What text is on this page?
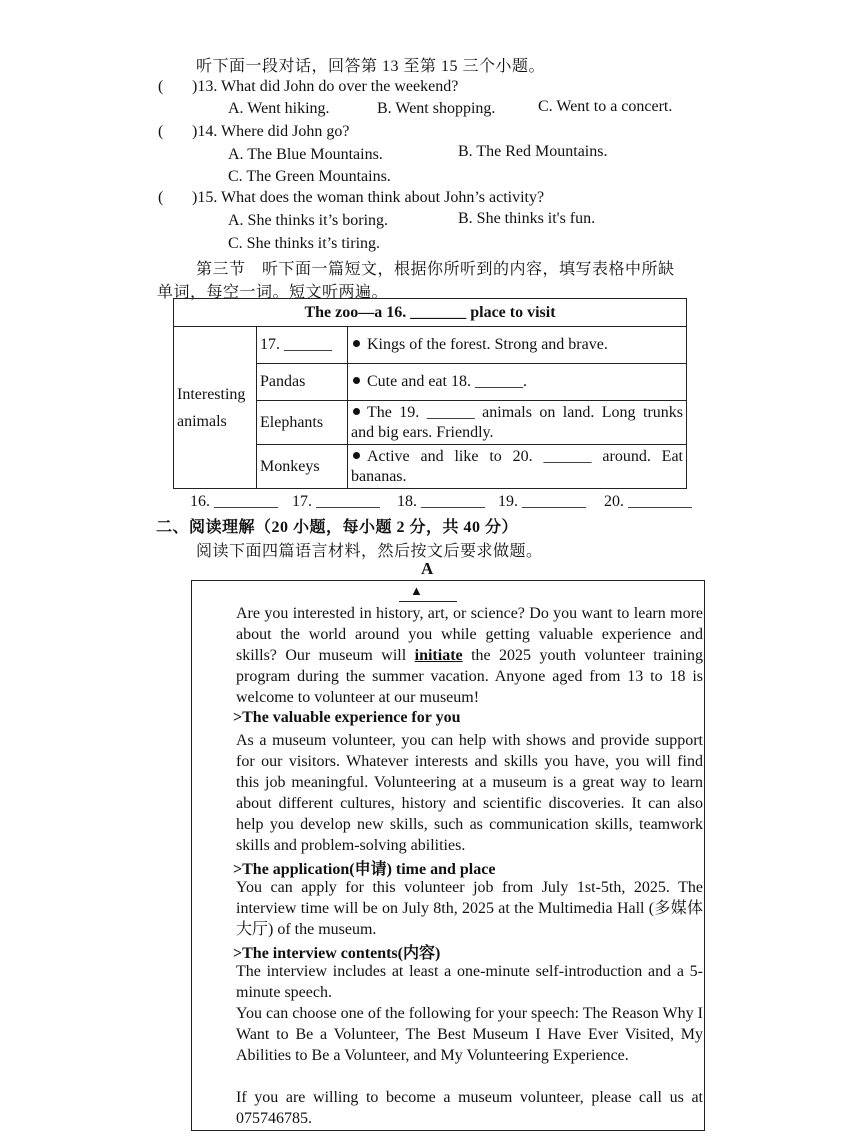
听下面一段对话，回答第 13 至第 15 三个小题。
( )13. What did John do over the weekend?
A. Went hiking.	B. Went shopping.	C. Went to a concert.
( )14. Where did John go?
A. The Blue Mountains.	B. The Red Mountains.
C. The Green Mountains.
( )15. What does the woman think about John’s activity?
A. She thinks it’s boring.	B. She thinks it's fun.
C. She thinks it’s tiring.
第三节　听下面一篇短文，根据你所听到的内容，填写表格中所缺
单词，每空一词。短文听两遍。
The zoo—a 16. _______ place to visit		
Interesting
animals	17. ______	Kings of the forest. Strong and brave.
	Pandas	Cute and eat 18. ______.
	Elephants	The 19. ______ animals on land. Long trunks and big ears. Friendly.
	Monkeys	Active and like to 20. ______ around. Eat bananas.
16. ________ 17. ________ 18. ________ 19. ________ 20. ________
二、阅读理解（20 小题，每小题 2 分，共 40 分）
阅读下面四篇语言材料，然后按文后要求做题。
A
▲

Are you interested in history, art, or science? Do you want to learn more about the world around you while getting valuable experience and skills? Our museum will initiate the 2025 youth volunteer training program during the summer vacation. Anyone aged from 13 to 18 is welcome to volunteer at our museum!

>The valuable experience for you

As a museum volunteer, you can help with shows and provide support for our visitors. Whatever interests and skills you have, you will find this job meaningful. Volunteering at a museum is a great way to learn about different cultures, history and scientific discoveries. It can also help you develop new skills, such as communication skills, teamwork skills and problem-solving abilities.

>The application(申请) time and place

You can apply for this volunteer job from July 1st-5th, 2025. The interview time will be on July 8th, 2025 at the Multimedia Hall (多媒体大厅) of the museum.

>The interview contents(内容)

The interview includes at least a one-minute self-introduction and a 5-minute speech.

You can choose one of the following for your speech: The Reason Why I Want to Be a Volunteer, The Best Museum I Have Ever Visited, My Abilities to Be a Volunteer, and My Volunteering Experience.

If you are willing to become a museum volunteer, please call us at 075746785.
